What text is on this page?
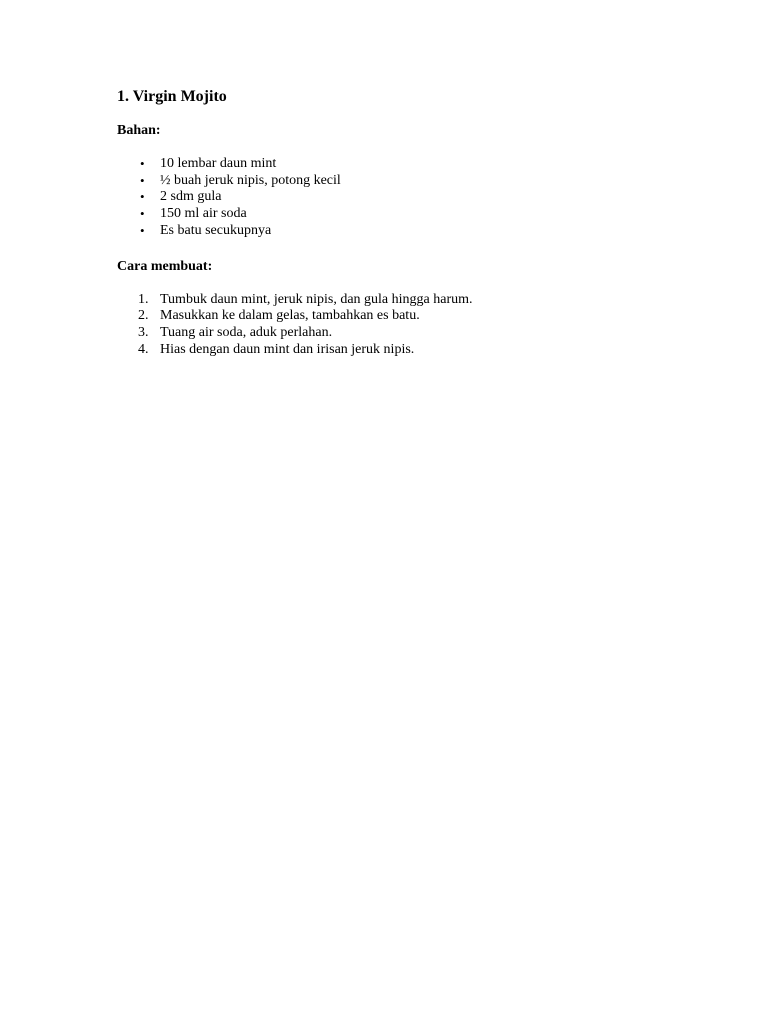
1. Virgin Mojito
Bahan:
• 10 lembar daun mint
• ½ buah jeruk nipis, potong kecil
• 2 sdm gula
• 150 ml air soda
• Es batu secukupnya
Cara membuat:
1. Tumbuk daun mint, jeruk nipis, dan gula hingga harum.
2. Masukkan ke dalam gelas, tambahkan es batu.
3. Tuang air soda, aduk perlahan.
4. Hias dengan daun mint dan irisan jeruk nipis.
